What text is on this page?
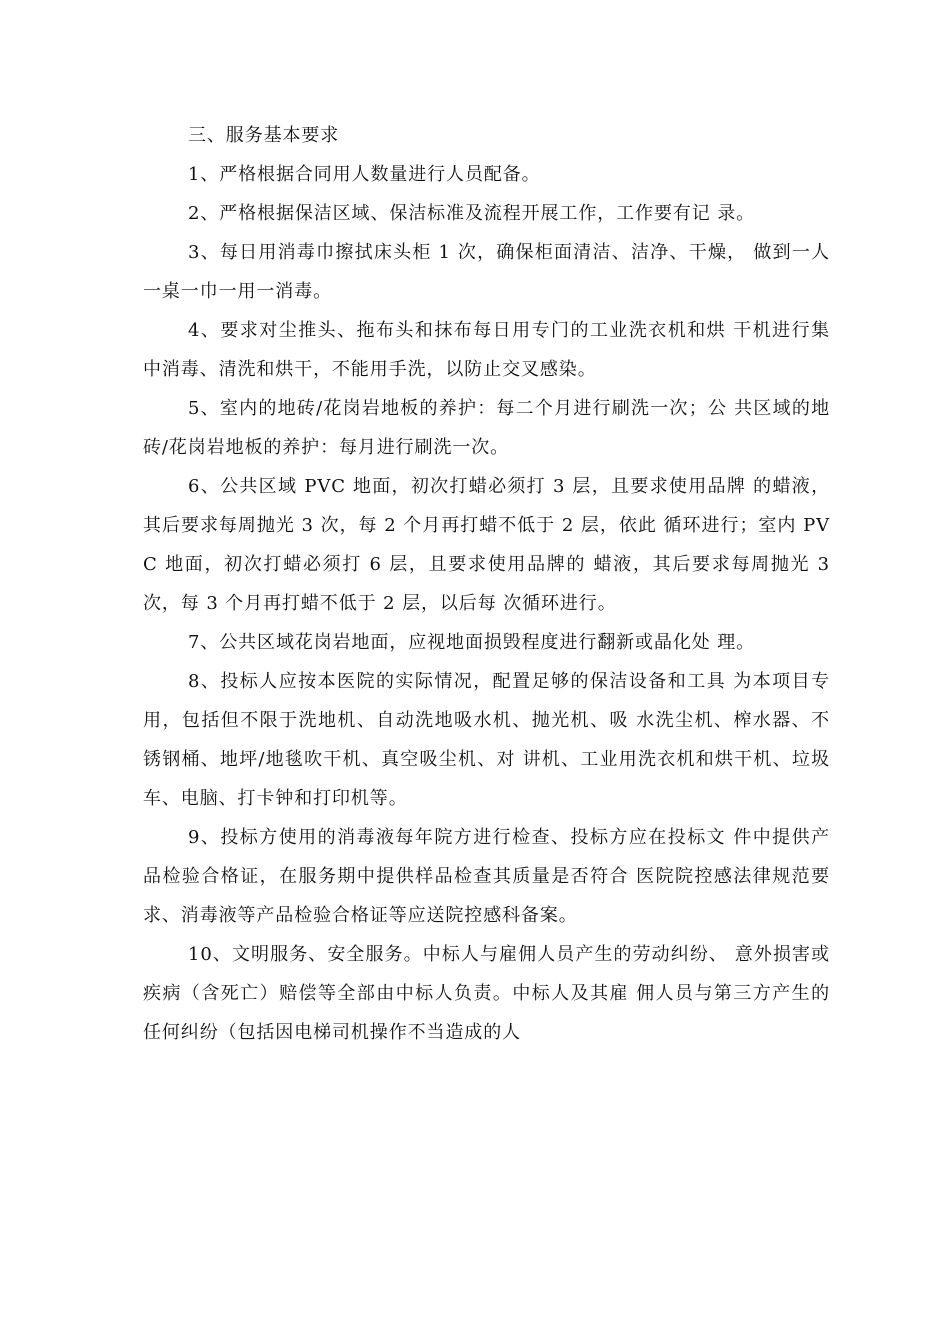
三、服务基本要求

1、严格根据合同用人数量进行人员配备。

2、严格根据保洁区域、保洁标准及流程开展工作，工作要有记 录。

3、每日用消毒巾擦拭床头柜 1 次，确保柜面清洁、洁净、干燥， 做到一人一桌一巾一用一消毒。

4、要求对尘推头、拖布头和抹布每日用专门的工业洗衣机和烘 干机进行集中消毒、清洗和烘干，不能用手洗，以防止交叉感染。

5、室内的地砖/花岗岩地板的养护：每二个月进行刷洗一次；公 共区域的地砖/花岗岩地板的养护：每月进行刷洗一次。

6、公共区域 PVC 地面，初次打蜡必须打 3 层，且要求使用品牌 的蜡液，其后要求每周抛光 3 次，每 2 个月再打蜡不低于 2 层，依此 循环进行；室内 PVC 地面，初次打蜡必须打 6 层，且要求使用品牌的 蜡液，其后要求每周抛光 3 次，每 3 个月再打蜡不低于 2 层，以后每 次循环进行。

7、公共区域花岗岩地面，应视地面损毁程度进行翻新或晶化处 理。

8、投标人应按本医院的实际情况，配置足够的保洁设备和工具 为本项目专用，包括但不限于洗地机、自动洗地吸水机、抛光机、吸 水洗尘机、榨水器、不锈钢桶、地坪/地毯吹干机、真空吸尘机、对 讲机、工业用洗衣机和烘干机、垃圾车、电脑、打卡钟和打印机等。

9、投标方使用的消毒液每年院方进行检查、投标方应在投标文 件中提供产品检验合格证，在服务期中提供样品检查其质量是否符合 医院院控感法律规范要求、消毒液等产品检验合格证等应送院控感科备案。

10、文明服务、安全服务。中标人与雇佣人员产生的劳动纠纷、 意外损害或疾病（含死亡）赔偿等全部由中标人负责。中标人及其雇 佣人员与第三方产生的任何纠纷（包括因电梯司机操作不当造成的人
